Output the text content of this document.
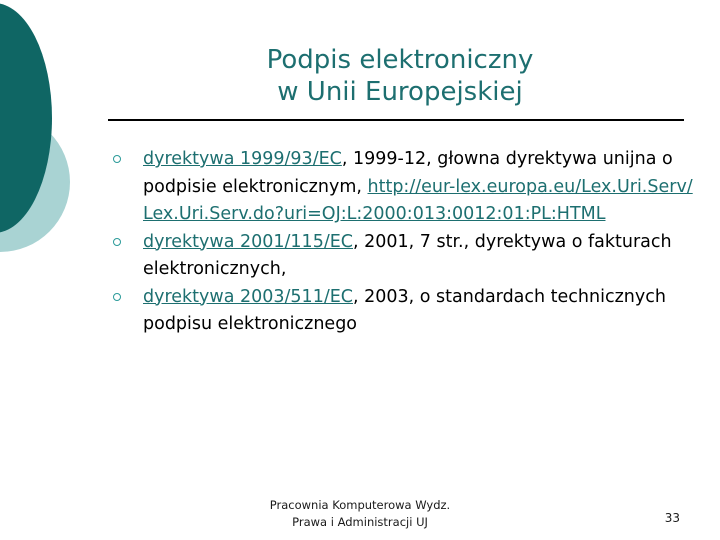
Podpis elektroniczny
w Unii Europejskiej
dyrektywa 1999/93/EC, 1999-12, głowna dyrektywa unijna o podpisie elektronicznym, http://eur-lex.europa.eu/Lex.Uri.Serv/Lex.Uri.Serv.do?uri=OJ:L:2000:013:0012:01:PL:HTML
dyrektywa 2001/115/EC, 2001, 7 str., dyrektywa o fakturach elektronicznych,
dyrektywa 2003/511/EC, 2003, o standardach technicznych podpisu elektronicznego
Pracownia Komputerowa Wydz.
Prawa i Administracji UJ	33
